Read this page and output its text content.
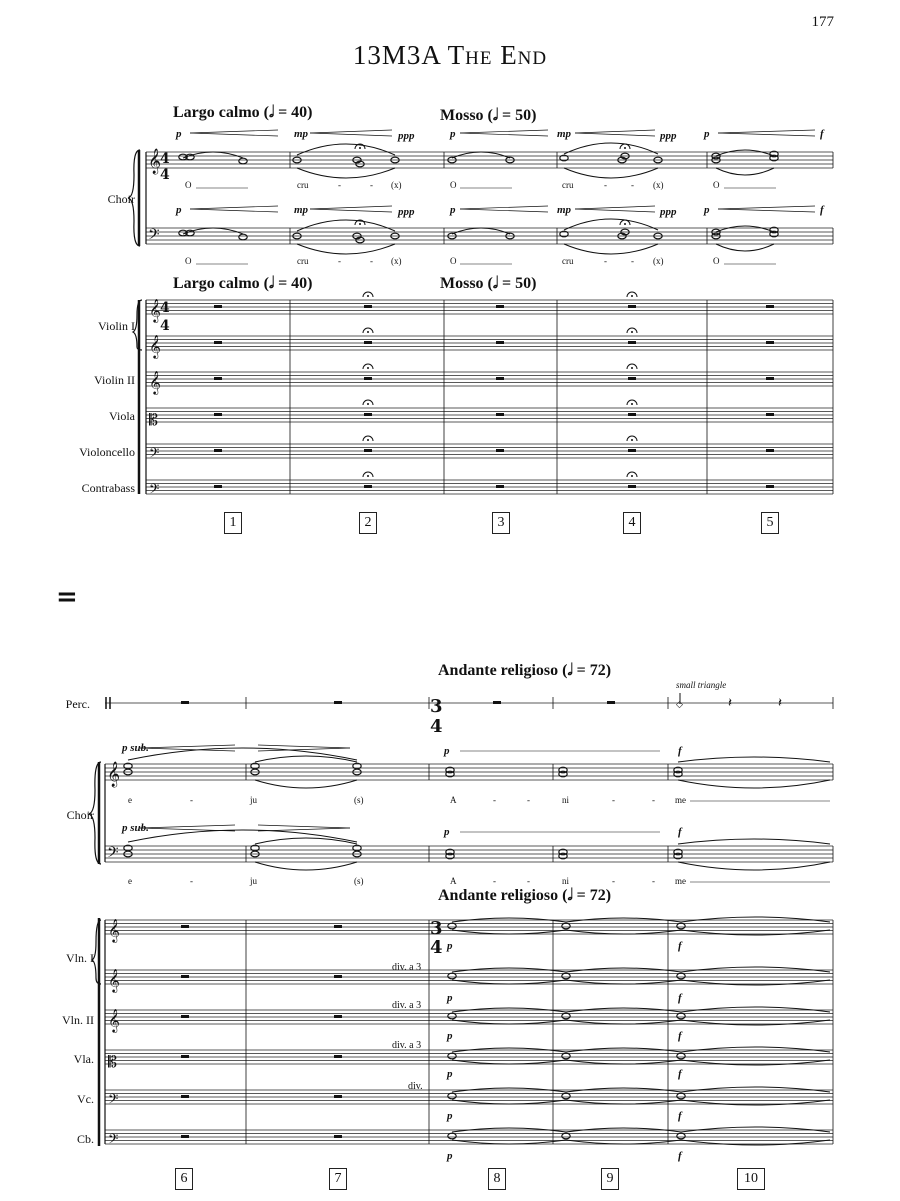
177
13M3A The End
Largo calmo (𝅗𝅥 = 40)	Mosso (𝅗𝅥 = 50)
Largo calmo (𝅗𝅥 = 40)	Mosso (𝅗𝅥 = 50)
p	mp	ppp	p	mp	ppp	p	f
p	mp	ppp	p	mp	ppp	p	f
O	cru	-	- (x)	O	cru	-	- (x)	O
O	cru	-	- (x)	O	cru	-	- (x)	O
Choir
Violin I
Violin II
Viola
Violoncello
Contrabass
1	2	3	4	5
=
Andante religioso (𝅗𝅥 = 72)
Andante religioso (𝅗𝅥 = 72)
small triangle
p sub.	p	f
p sub.	p	f
p	f
p	f
p	f
p	f
p	f
p	f
e	-	ju	(s)	A	-	-	ni	-	- me
e	-	ju	(s)	A	-	-	ni	-	- me
div. a 3
div. a 3
div. a 3
div.
Perc.
Choir
Vln. I
Vln. II
Vla.
Vc.
Cb.
6	7	8	9	10
𝄞
𝄢
4
4
𝄞
𝄞
𝄞
𝄡
𝄢
𝄢
4
4
◇	𝄽	𝄽
3
4
𝄞
𝄢
𝄞
𝄞
𝄞
𝄡
𝄢
𝄢
3
4
